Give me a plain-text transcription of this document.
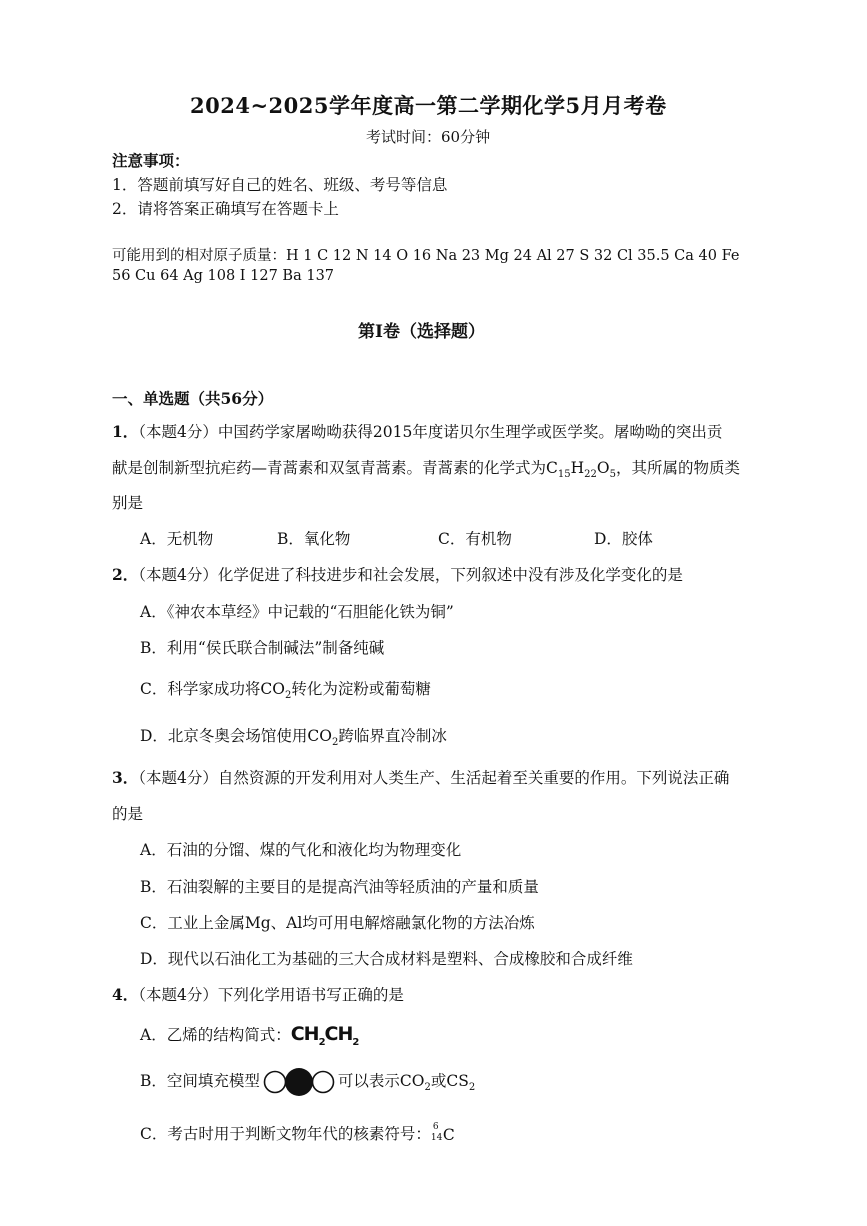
2024~2025学年度高一第二学期化学5月月考卷
考试时间：60分钟
注意事项：
1．答题前填写好自己的姓名、班级、考号等信息
2．请将答案正确填写在答题卡上
可能用到的相对原子质量：H 1 C 12 N 14 O 16 Na 23 Mg 24 Al 27 S 32 Cl 35.5 Ca 40 Fe
56 Cu 64 Ag 108 I 127 Ba 137
第Ⅰ卷（选择题）
一、单选题（共56分）
1．（本题4分）中国药学家屠呦呦获得2015年度诺贝尔生理学或医学奖。屠呦呦的突出贡
献是创制新型抗疟药—青蒿素和双氢青蒿素。青蒿素的化学式为$C_{15}H_{22}O_5$，其所属的物质类
别是
A．无机物	B．氧化物	C．有机物	D．胶体
2．（本题4分）化学促进了科技进步和社会发展，下列叙述中没有涉及化学变化的是
A．《神农本草经》中记载的“石胆能化铁为铜”
B．利用“侯氏联合制碱法”制备纯碱
C．科学家成功将$CO_2$转化为淀粉或葡萄糖
D．北京冬奥会场馆使用$CO_2$跨临界直冷制冰
3．（本题4分）自然资源的开发利用对人类生产、生活起着至关重要的作用。下列说法正确
的是
A．石油的分馏、煤的气化和液化均为物理变化
B．石油裂解的主要目的是提高汽油等轻质油的产量和质量
C．工业上金属Mg、Al均可用电解熔融氯化物的方法冶炼
D．现代以石油化工为基础的三大合成材料是塑料、合成橡胶和合成纤维
4．（本题4分）下列化学用语书写正确的是
A．乙烯的结构简式：$CH_2CH_2$
B．空间填充模型	可以表示$CO_2$或$CS_2$
C．考古时用于判断文物年代的核素符号： 6
14 C
